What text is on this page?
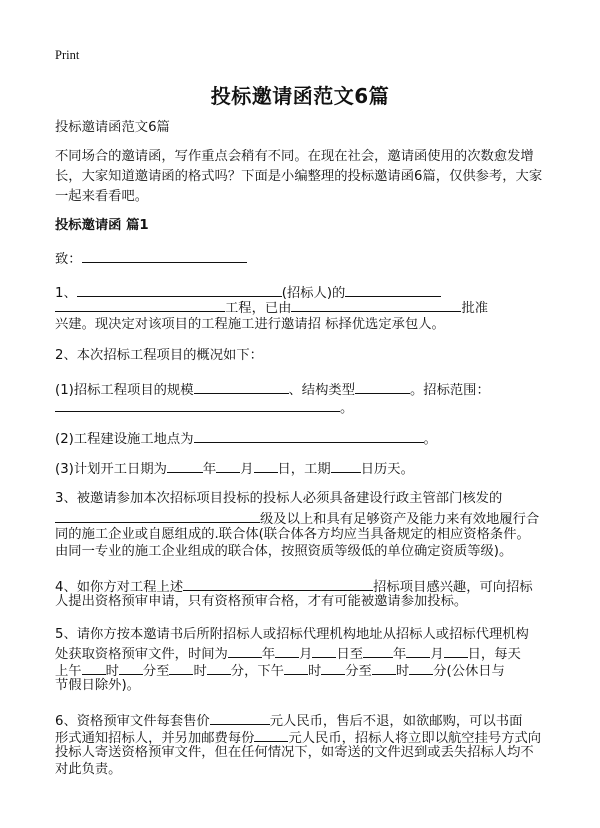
Print
投标邀请函范文6篇
投标邀请函范文6篇
不同场合的邀请函，写作重点会稍有不同。在现在社会，邀请函使用的次数愈发增长，大家知道邀请函的格式吗？下面是小编整理的投标邀请函6篇，仅供参考，大家一起来看看吧。
投标邀请函 篇1
致：
1、	(招标人)的
工程，已由	批准
兴建。现决定对该项目的工程施工进行邀请招 标择优选定承包人。
2、本次招标工程项目的概况如下：
(1)招标工程项目的规模	、结构类型	。招标范围：
。
(2)工程建设施工地点为	。
(3)计划开工日期为	年 月 日，工期 日历天。
3、被邀请参加本次招标项目投标的投标人必须具备建设行政主管部门核发的
级及以上和具有足够资产及能力来有效地履行合
同的施工企业或自愿组成的.联合体(联合体各方均应当具备规定的相应资格条件。
由同一专业的施工企业组成的联合体，按照资质等级低的单位确定资质等级)。
4、如你方对工程上述	招标项目感兴趣，可向招标
人提出资格预审申请，只有资格预审合格，才有可能被邀请参加投标。
5、请你方按本邀请书后所附招标人或招标代理机构地址从招标人或招标代理机构
处获取资格预审文件，时间为	年 月 日至 年 月 日，每天
上午 时 分至 时 分，下午 时 分至 时 分(公休日与
节假日除外)。
6、资格预审文件每套售价	元人民币，售后不退，如欲邮购，可以书面
形式通知招标人，并另加邮费每份	元人民币，招标人将立即以航空挂号方式向
投标人寄送资格预审文件，但在任何情况下，如寄送的文件迟到或丢失招标人均不
对此负责。
